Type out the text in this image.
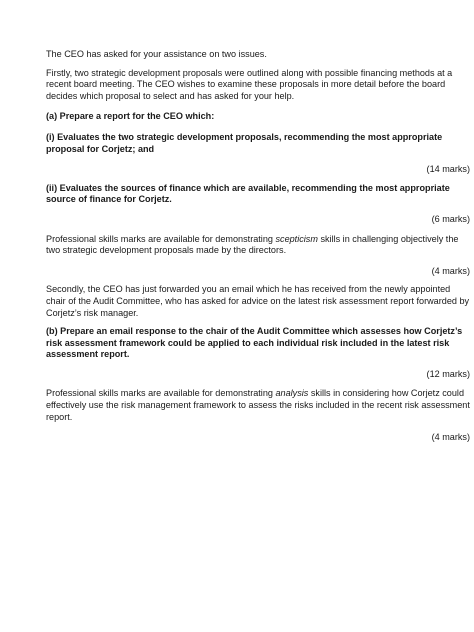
The CEO has asked for your assistance on two issues.

Firstly, two strategic development proposals were outlined along with possible financing methods at a recent board meeting. The CEO wishes to examine these proposals in more detail before the board decides which proposal to select and has asked for your help.

(a) Prepare a report for the CEO which:

(i) Evaluates the two strategic development proposals, recommending the most appropriate proposal for Corjetz; and

(14 marks)

(ii) Evaluates the sources of finance which are available, recommending the most appropriate source of finance for Corjetz.

(6 marks)

Professional skills marks are available for demonstrating scepticism skills in challenging objectively the two strategic development proposals made by the directors.

(4 marks)

Secondly, the CEO has just forwarded you an email which he has received from the newly appointed chair of the Audit Committee, who has asked for advice on the latest risk assessment report forwarded by Corjetz’s risk manager.

(b) Prepare an email response to the chair of the Audit Committee which assesses how Corjetz’s risk assessment framework could be applied to each individual risk included in the latest risk assessment report.

(12 marks)

Professional skills marks are available for demonstrating analysis skills in considering how Corjetz could effectively use the risk management framework to assess the risks included in the recent risk assessment report.

(4 marks)
